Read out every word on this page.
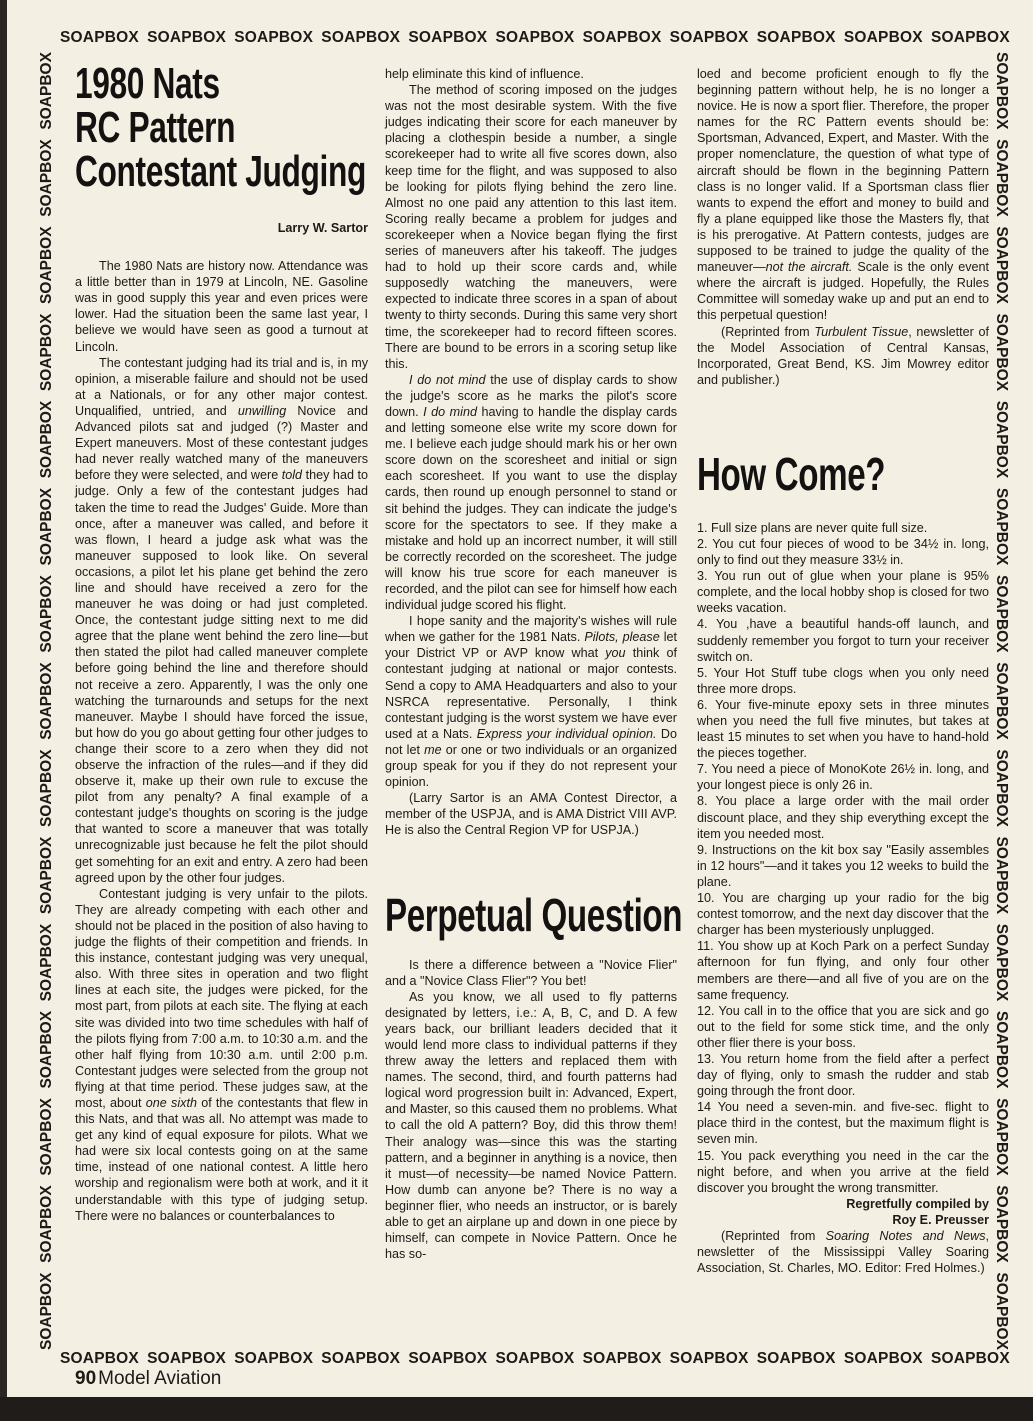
SOAPBOX SOAPBOX SOAPBOX SOAPBOX SOAPBOX SOAPBOX SOAPBOX SOAPBOX SOAPBOX SOAPBOX SOAPBOX
SOAPBOX SOAPBOX SOAPBOX SOAPBOX SOAPBOX SOAPBOX SOAPBOX SOAPBOX SOAPBOX SOAPBOX SOAPBOX
SOAPBOX
SOAPBOX
SOAPBOX
SOAPBOX
SOAPBOX
SOAPBOX
SOAPBOX
SOAPBOX
SOAPBOX
SOAPBOX
SOAPBOX
SOAPBOX
SOAPBOX
SOAPBOX
SOAPBOX	SOAPBOX
SOAPBOX
SOAPBOX
SOAPBOX
SOAPBOX
SOAPBOX
SOAPBOX
SOAPBOX
SOAPBOX
SOAPBOX
SOAPBOX
SOAPBOX
SOAPBOX
SOAPBOX
SOAPBOX
1980 Nats
RC Pattern
Contestant Judging
Larry W. Sartor

The 1980 Nats are history now. Attendance was a little better than in 1979 at Lincoln, NE. Gasoline was in good supply this year and even prices were lower. Had the situation been the same last year, I believe we would have seen as good a turnout at Lincoln.

The contestant judging had its trial and is, in my opinion, a miserable failure and should not be used at a Nationals, or for any other major contest. Unqualified, untried, and unwilling Novice and Advanced pilots sat and judged (?) Master and Expert maneuvers. Most of these contestant judges had never really watched many of the maneuvers before they were selected, and were told they had to judge. Only a few of the contestant judges had taken the time to read the Judges' Guide. More than once, after a maneuver was called, and before it was flown, I heard a judge ask what was the maneuver supposed to look like. On several occasions, a pilot let his plane get behind the zero line and should have received a zero for the maneuver he was doing or had just completed. Once, the contestant judge sitting next to me did agree that the plane went behind the zero line—but then stated the pilot had called maneuver complete before going behind the line and therefore should not receive a zero. Apparently, I was the only one watching the turnarounds and setups for the next maneuver. Maybe I should have forced the issue, but how do you go about getting four other judges to change their score to a zero when they did not observe the infraction of the rules—and if they did observe it, make up their own rule to excuse the pilot from any penalty? A final example of a contestant judge's thoughts on scoring is the judge that wanted to score a maneuver that was totally unrecognizable just because he felt the pilot should get somehting for an exit and entry. A zero had been agreed upon by the other four judges.

Contestant judging is very unfair to the pilots. They are already competing with each other and should not be placed in the position of also having to judge the flights of their competition and friends. In this instance, contestant judging was very unequal, also. With three sites in operation and two flight lines at each site, the judges were picked, for the most part, from pilots at each site. The flying at each site was divided into two time schedules with half of the pilots flying from 7:00 a.m. to 10:30 a.m. and the other half flying from 10:30 a.m. until 2:00 p.m. Contestant judges were selected from the group not flying at that time period. These judges saw, at the most, about one sixth of the contestants that flew in this Nats, and that was all. No attempt was made to get any kind of equal exposure for pilots. What we had were six local contests going on at the same time, instead of one national contest. A little hero worship and regionalism were both at work, and it it understandable with this type of judging setup. There were no balances or counterbalances to

help eliminate this kind of influence.

The method of scoring imposed on the judges was not the most desirable system. With the five judges indicating their score for each maneuver by placing a clothespin beside a number, a single scorekeeper had to write all five scores down, also keep time for the flight, and was supposed to also be looking for pilots flying behind the zero line. Almost no one paid any attention to this last item. Scoring really became a problem for judges and scorekeeper when a Novice began flying the first series of maneuvers after his takeoff. The judges had to hold up their score cards and, while supposedly watching the maneuvers, were expected to indicate three scores in a span of about twenty to thirty seconds. During this same very short time, the scorekeeper had to record fifteen scores. There are bound to be errors in a scoring setup like this.

I do not mind the use of display cards to show the judge's score as he marks the pilot's score down. I do mind having to handle the display cards and letting someone else write my score down for me. I believe each judge should mark his or her own score down on the scoresheet and initial or sign each scoresheet. If you want to use the display cards, then round up enough personnel to stand or sit behind the judges. They can indicate the judge's score for the spectators to see. If they make a mistake and hold up an incorrect number, it will still be correctly recorded on the scoresheet. The judge will know his true score for each maneuver is recorded, and the pilot can see for himself how each individual judge scored his flight.

I hope sanity and the majority's wishes will rule when we gather for the 1981 Nats. Pilots, please let your District VP or AVP know what you think of contestant judging at national or major contests. Send a copy to AMA Headquarters and also to your NSRCA representative. Personally, I think contestant judging is the worst system we have ever used at a Nats. Express your individual opinion. Do not let me or one or two individuals or an organized group speak for you if they do not represent your opinion.

(Larry Sartor is an AMA Contest Director, a member of the USPJA, and is AMA District VIII AVP. He is also the Central Region VP for USPJA.)

Perpetual Question

Is there a difference between a "Novice Flier" and a "Novice Class Flier"? You bet!

As you know, we all used to fly patterns designated by letters, i.e.: A, B, C, and D. A few years back, our brilliant leaders decided that it would lend more class to individual patterns if they threw away the letters and replaced them with names. The second, third, and fourth patterns had logical word progression built in: Advanced, Expert, and Master, so this caused them no problems. What to call the old A pattern? Boy, did this throw them! Their analogy was—since this was the starting pattern, and a beginner in anything is a novice, then it must—of necessity—be named Novice Pattern. How dumb can anyone be? There is no way a beginner flier, who needs an instructor, or is barely able to get an airplane up and down in one piece by himself, can compete in Novice Pattern. Once he has so-

loed and become proficient enough to fly the beginning pattern without help, he is no longer a novice. He is now a sport flier. Therefore, the proper names for the RC Pattern events should be: Sportsman, Advanced, Expert, and Master. With the proper nomenclature, the question of what type of aircraft should be flown in the beginning Pattern class is no longer valid. If a Sportsman class flier wants to expend the effort and money to build and fly a plane equipped like those the Masters fly, that is his prerogative. At Pattern contests, judges are supposed to be trained to judge the quality of the maneuver—not the aircraft. Scale is the only event where the aircraft is judged. Hopefully, the Rules Committee will someday wake up and put an end to this perpetual question!

(Reprinted from Turbulent Tissue, newsletter of the Model Association of Central Kansas, Incorporated, Great Bend, KS. Jim Mowrey editor and publisher.)

How Come?

1. Full size plans are never quite full size.

2. You cut four pieces of wood to be 34½ in. long, only to find out they measure 33½ in.

3. You run out of glue when your plane is 95% complete, and the local hobby shop is closed for two weeks vacation.

4. You ,have a beautiful hands-off launch, and suddenly remember you forgot to turn your receiver switch on.

5. Your Hot Stuff tube clogs when you only need three more drops.

6. Your five-minute epoxy sets in three minutes when you need the full five minutes, but takes at least 15 minutes to set when you have to hand-hold the pieces together.

7. You need a piece of MonoKote 26½ in. long, and your longest piece is only 26 in.

8. You place a large order with the mail order discount place, and they ship everything except the item you needed most.

9. Instructions on the kit box say "Easily assembles in 12 hours"—and it takes you 12 weeks to build the plane.

10. You are charging up your radio for the big contest tomorrow, and the next day discover that the charger has been mysteriously unplugged.

11. You show up at Koch Park on a perfect Sunday afternoon for fun flying, and only four other members are there—and all five of you are on the same frequency.

12. You call in to the office that you are sick and go out to the field for some stick time, and the only other flier there is your boss.

13. You return home from the field after a perfect day of flying, only to smash the rudder and stab going through the front door.

14 You need a seven-min. and five-sec. flight to place third in the contest, but the maximum flight is seven min.

15. You pack everything you need in the car the night before, and when you arrive at the field discover you brought the wrong transmitter.

Regretfully compiled by
Roy E. Preusser

(Reprinted from Soaring Notes and News, newsletter of the Mississippi Valley Soaring Association, St. Charles, MO. Editor: Fred Holmes.)

90 Model Aviation
